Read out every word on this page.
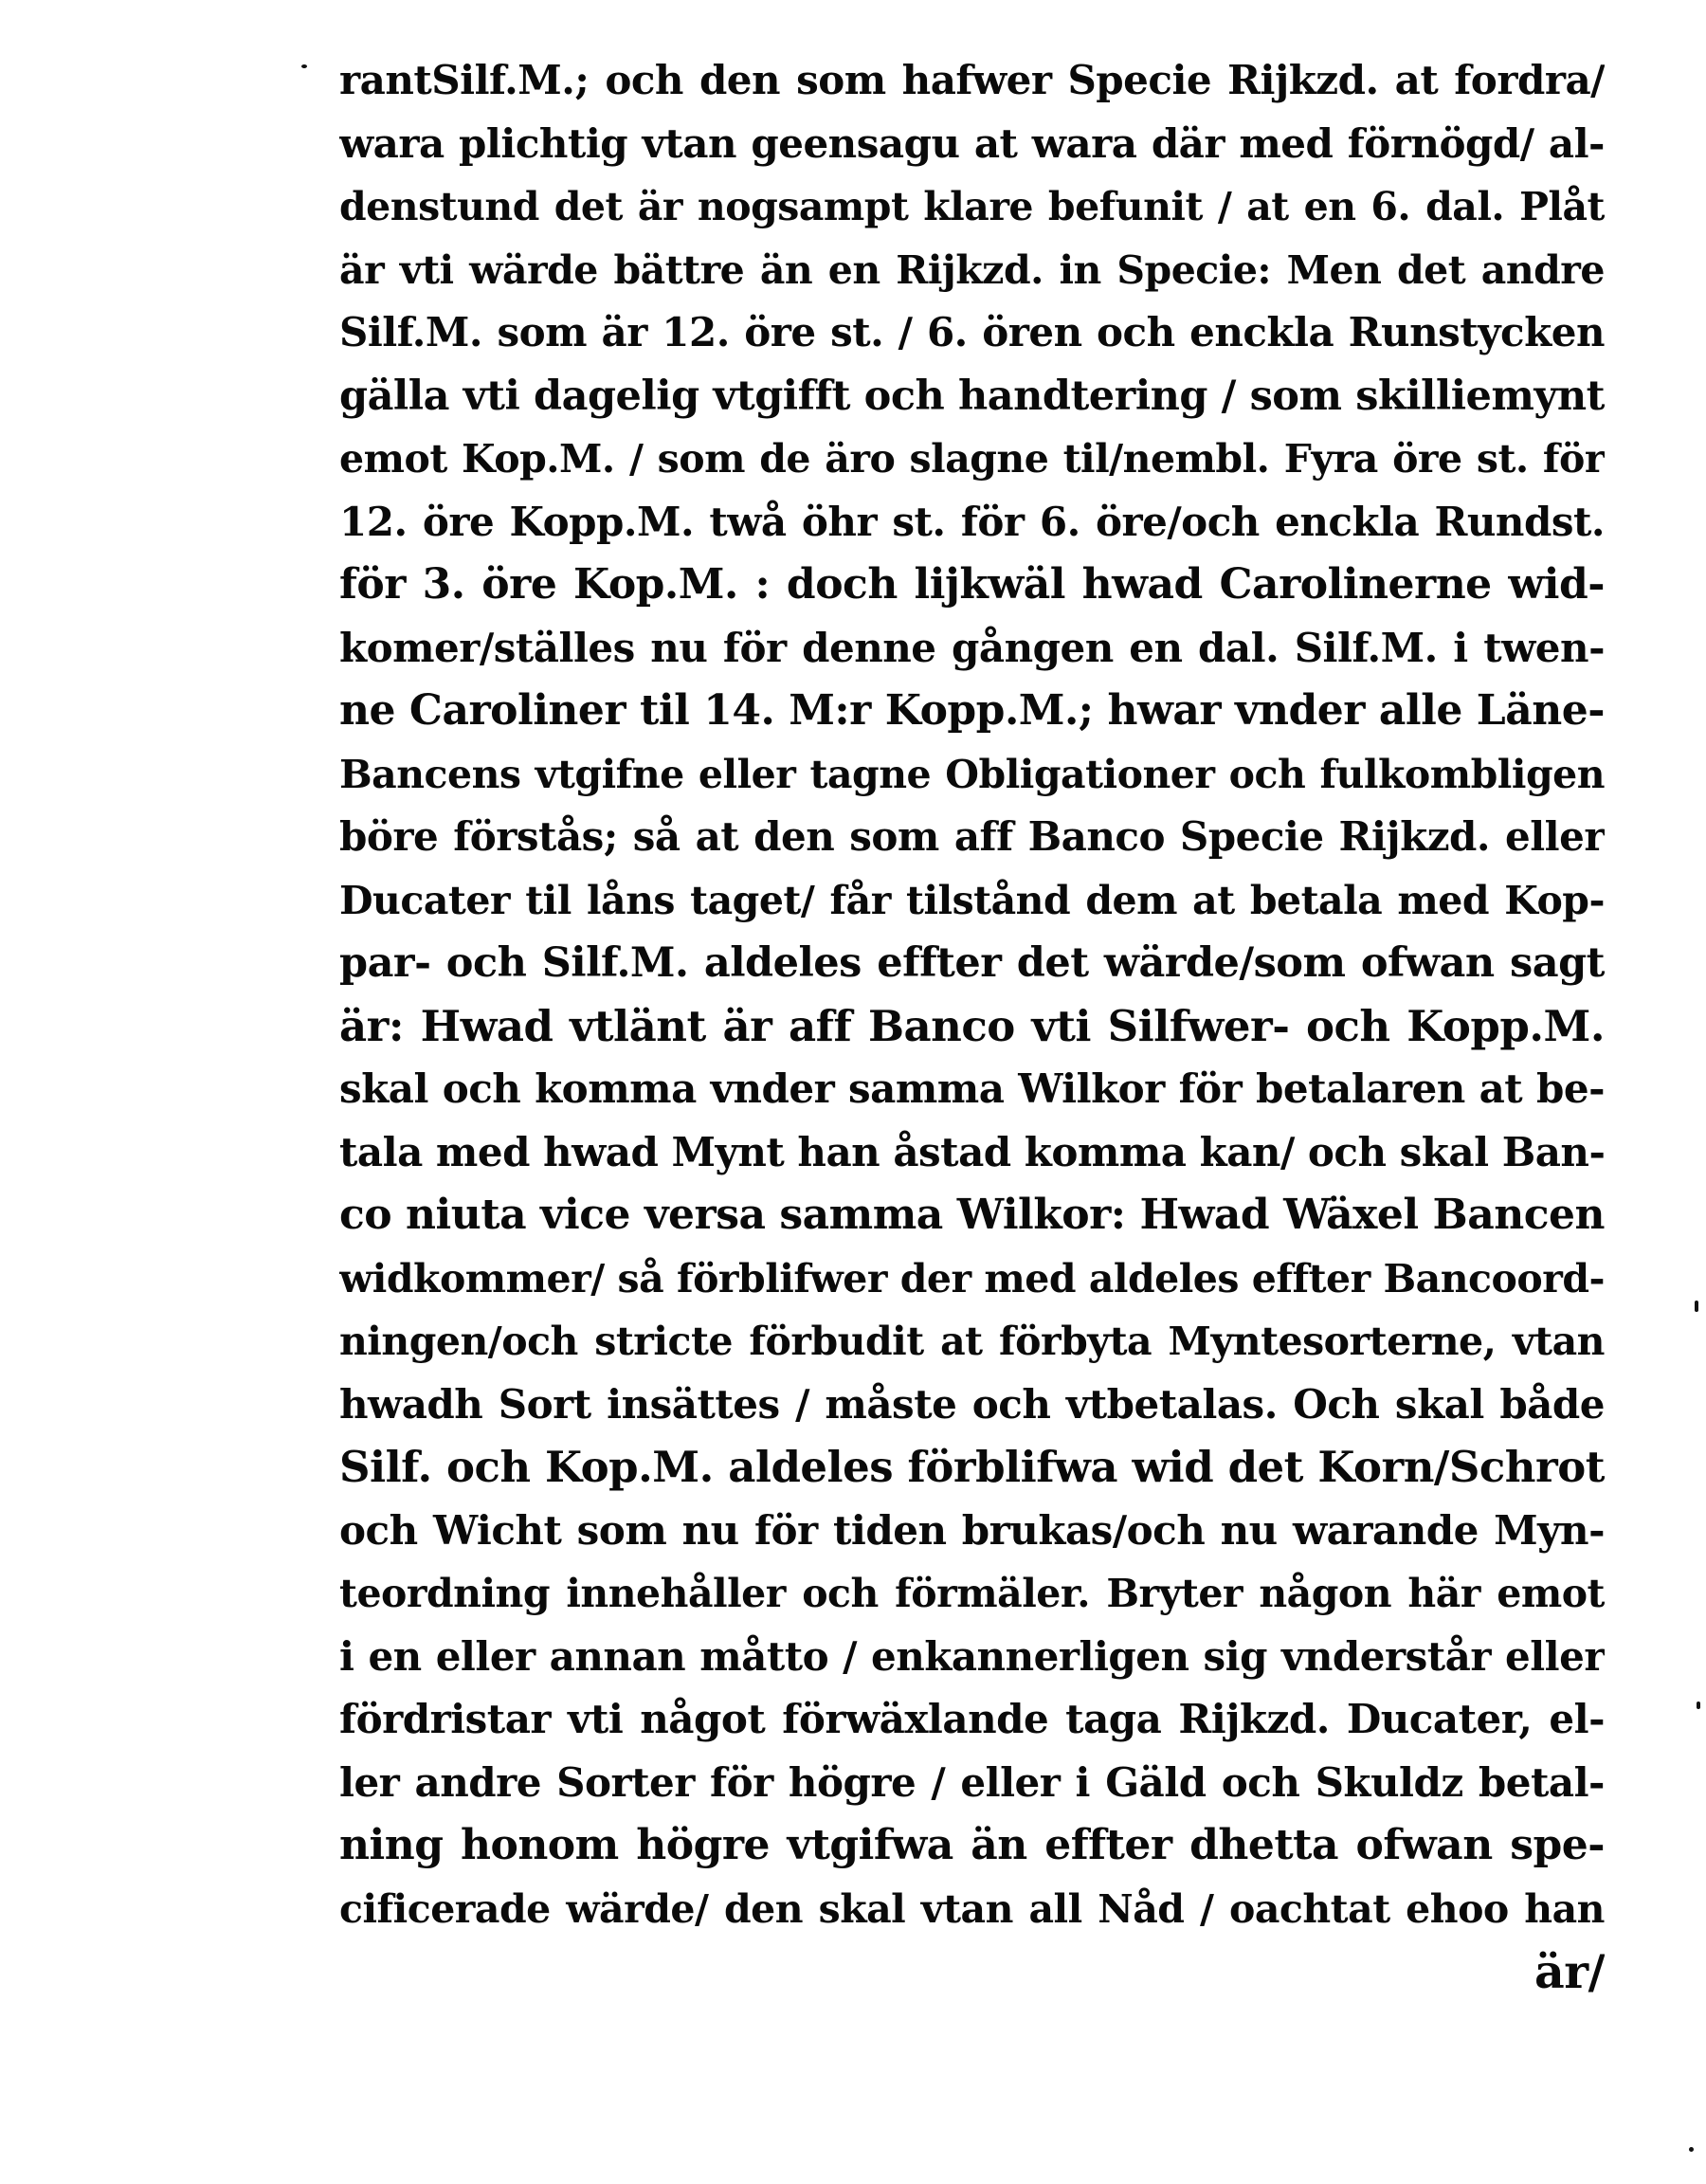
rantSilf.M.; och den som hafwer Specie Rijkzd. at fordra/
wara plichtig vtan geensagu at wara där med förnögd/ al-
denstund det är nogsampt klare befunit / at en 6. dal. Plåt
är vti wärde bättre än en Rijkzd. in Specie: Men det andre
Silf.M. som är 12. öre st. / 6. ören och enckla Runstycken
gälla vti dagelig vtgifft och handtering / som skilliemynt
emot Kop.M. / som de äro slagne til/nembl. Fyra öre st. för
12. öre Kopp.M. twå öhr st. för 6. öre/och enckla Rundst.
för 3. öre Kop.M. : doch lijkwäl hwad Carolinerne wid-
komer/ställes nu för denne gången en dal. Silf.M. i twen-
ne Caroliner til 14. M:r Kopp.M.; hwar vnder alle Läne-
Bancens vtgifne eller tagne Obligationer och fulkombligen
böre förstås; så at den som aff Banco Specie Rijkzd. eller
Ducater til låns taget/ får tilstånd dem at betala med Kop-
par- och Silf.M. aldeles effter det wärde/som ofwan sagt
är: Hwad vtlänt är aff Banco vti Silfwer- och Kopp.M.
skal och komma vnder samma Wilkor för betalaren at be-
tala med hwad Mynt han åstad komma kan/ och skal Ban-
co niuta vice versa samma Wilkor: Hwad Wäxel Bancen
widkommer/ så förblifwer der med aldeles effter Bancoord-
ningen/och stricte förbudit at förbyta Myntesorterne, vtan
hwadh Sort insättes / måste och vtbetalas. Och skal både
Silf. och Kop.M. aldeles förblifwa wid det Korn/Schrot
och Wicht som nu för tiden brukas/och nu warande Myn-
teordning innehåller och förmäler. Bryter någon här emot
i en eller annan måtto / enkannerligen sig vnderstår eller
fördristar vti något förwäxlande taga Rijkzd. Ducater, el-
ler andre Sorter för högre / eller i Gäld och Skuldz betal-
ning honom högre vtgifwa än effter dhetta ofwan spe-
cificerade wärde/ den skal vtan all Nåd / oachtat ehoo han
är/
